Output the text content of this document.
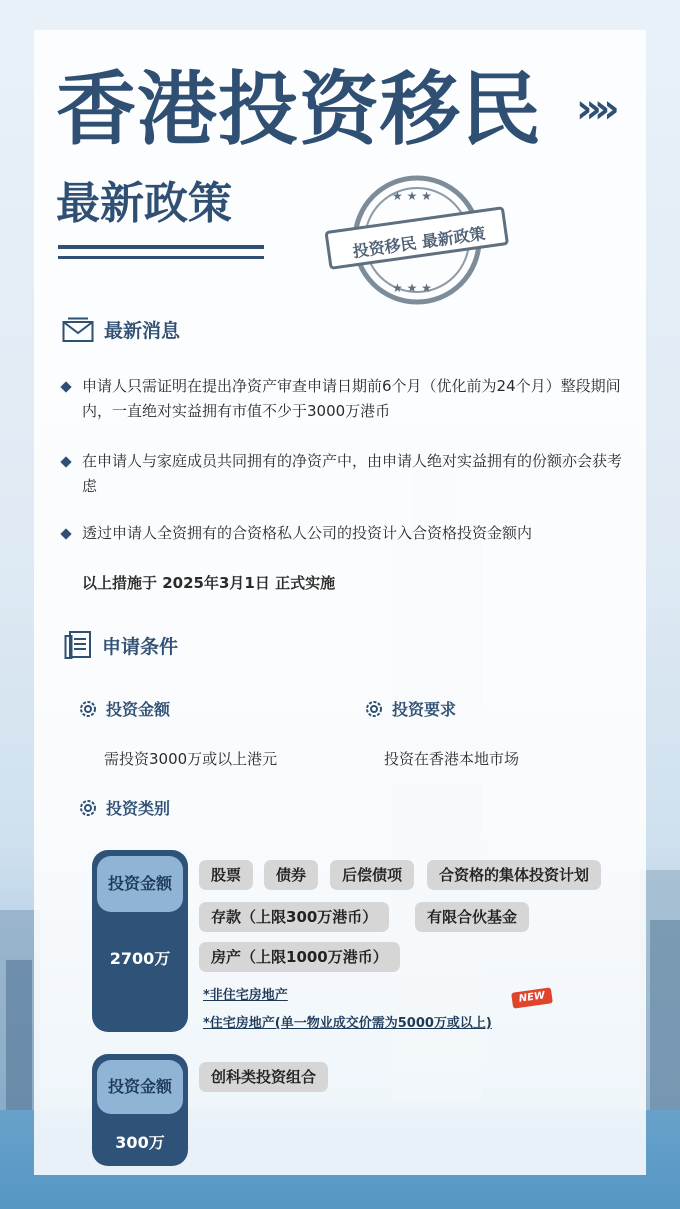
香港投资移民 »»
最新政策	★ ★ ★
★ ★ ★
投资移民 最新政策
最新消息
申请人只需证明在提出净资产审查申请日期前6个月（优化前为24个月）整段期间内，一直绝对实益拥有市值不少于3000万港币
在申请人与家庭成员共同拥有的净资产中，由申请人绝对实益拥有的份额亦会获考虑
透过申请人全资拥有的合资格私人公司的投资计入合资格投资金额内
以上措施于 2025年3月1日 正式实施
申请条件
投资金额
需投资3000万或以上港元
投资要求
投资在香港本地市场
投资类别
投资金额
2700万
股票	债券	后偿债项	合资格的集体投资计划
存款（上限300万港币）	有限合伙基金
房产（上限1000万港币）
*非住宅房地产
*住宅房地产(单一物业成交价需为5000万或以上)
NEW
投资金额
300万
创科类投资组合
